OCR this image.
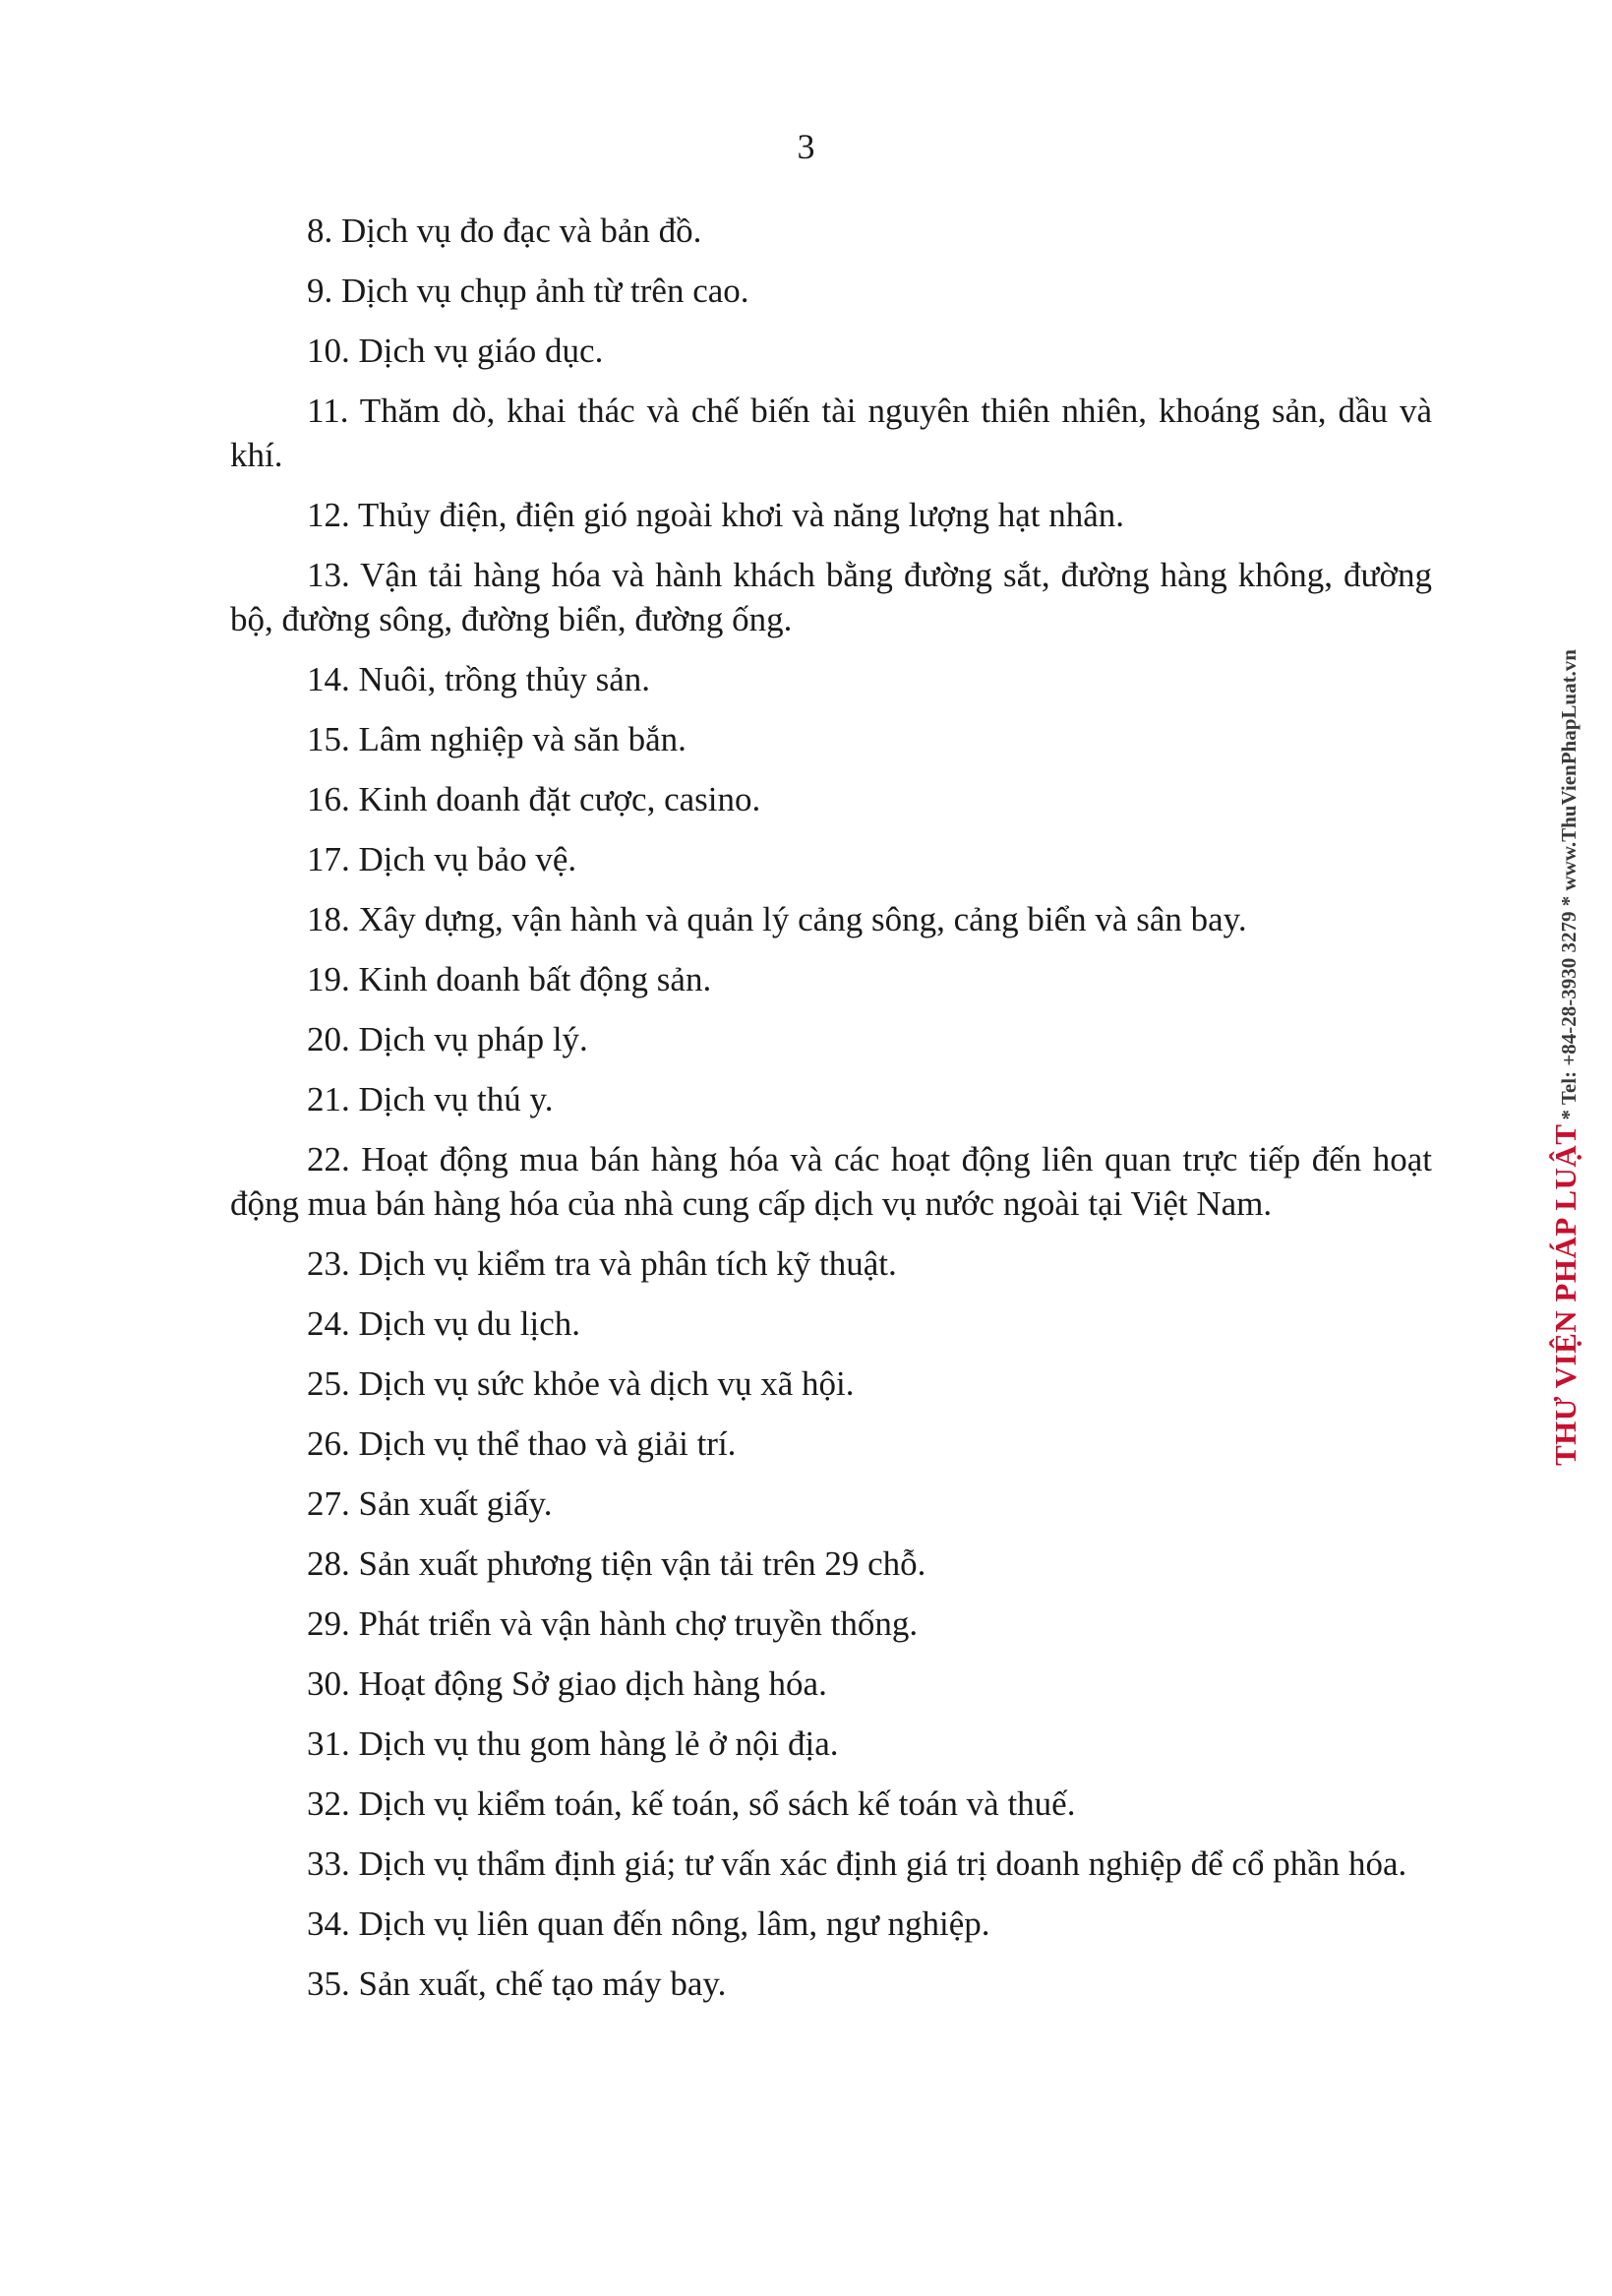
3

8. Dịch vụ đo đạc và bản đồ.

9. Dịch vụ chụp ảnh từ trên cao.

10. Dịch vụ giáo dục.

11. Thăm dò, khai thác và chế biến tài nguyên thiên nhiên, khoáng sản, dầu và khí.

12. Thủy điện, điện gió ngoài khơi và năng lượng hạt nhân.

13. Vận tải hàng hóa và hành khách bằng đường sắt, đường hàng không, đường bộ, đường sông, đường biển, đường ống.

14. Nuôi, trồng thủy sản.

15. Lâm nghiệp và săn bắn.

16. Kinh doanh đặt cược, casino.

17. Dịch vụ bảo vệ.

18. Xây dựng, vận hành và quản lý cảng sông, cảng biển và sân bay.

19. Kinh doanh bất động sản.

20. Dịch vụ pháp lý.

21. Dịch vụ thú y.

22. Hoạt động mua bán hàng hóa và các hoạt động liên quan trực tiếp đến hoạt động mua bán hàng hóa của nhà cung cấp dịch vụ nước ngoài tại Việt Nam.

23. Dịch vụ kiểm tra và phân tích kỹ thuật.

24. Dịch vụ du lịch.

25. Dịch vụ sức khỏe và dịch vụ xã hội.

26. Dịch vụ thể thao và giải trí.

27. Sản xuất giấy.

28. Sản xuất phương tiện vận tải trên 29 chỗ.

29. Phát triển và vận hành chợ truyền thống.

30. Hoạt động Sở giao dịch hàng hóa.

31. Dịch vụ thu gom hàng lẻ ở nội địa.

32. Dịch vụ kiểm toán, kế toán, sổ sách kế toán và thuế.

33. Dịch vụ thẩm định giá; tư vấn xác định giá trị doanh nghiệp để cổ phần hóa.

34. Dịch vụ liên quan đến nông, lâm, ngư nghiệp.

35. Sản xuất, chế tạo máy bay.

THƯ VIỆN PHÁP LUẬT * Tel: +84-28-3930 3279 * www.ThuVienPhapLuat.vn
